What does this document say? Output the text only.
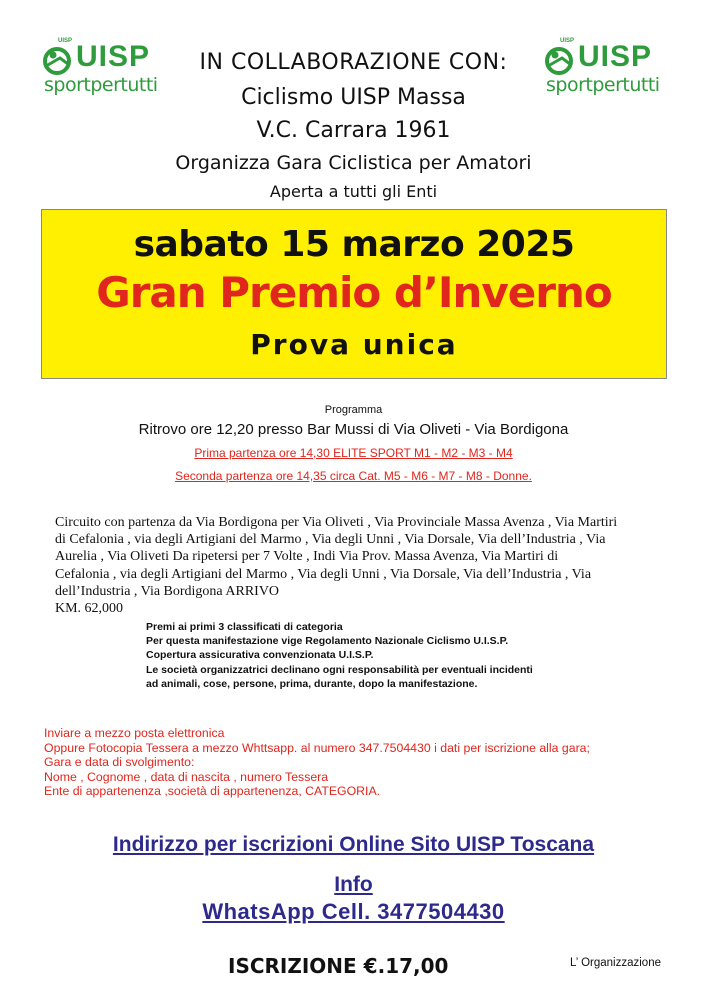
UISP UISP
sportpertutti
UISP UISP
sportpertutti
IN COLLABORAZIONE CON:
Ciclismo UISP Massa
V.C. Carrara 1961
Organizza Gara Ciclistica per Amatori
Aperta a tutti gli Enti
sabato 15 marzo 2025
Gran Premio d’Inverno
Prova unica
Programma
Ritrovo ore 12,20 presso Bar Mussi di Via Oliveti - Via Bordigona
Prima partenza ore 14,30 ELITE SPORT M1 - M2 - M3 - M4
Seconda partenza ore 14,35 circa Cat. M5 - M6 - M7 - M8 - Donne.
Circuito con partenza da Via Bordigona per Via Oliveti , Via Provinciale Massa Avenza , Via Martiri
di Cefalonia , via degli Artigiani del Marmo , Via degli Unni , Via Dorsale, Via dell’Industria , Via
Aurelia , Via Oliveti Da ripetersi per 7 Volte , Indi Via Prov. Massa Avenza, Via Martiri di
Cefalonia , via degli Artigiani del Marmo , Via degli Unni , Via Dorsale, Via dell’Industria , Via
dell’Industria , Via Bordigona ARRIVO
KM. 62,000
Premi ai primi 3 classificati di categoria
Per questa manifestazione vige Regolamento Nazionale Ciclismo U.I.S.P.
Copertura assicurativa convenzionata U.I.S.P.
Le società organizzatrici declinano ogni responsabilità per eventuali incidenti
ad animali, cose, persone, prima, durante, dopo la manifestazione.
Inviare a mezzo posta elettronica
Oppure Fotocopia Tessera a mezzo Whttsapp. al numero 347.7504430 i dati per iscrizione alla gara;
Gara e data di svolgimento:
Nome , Cognome , data di nascita , numero Tessera
Ente di appartenenza ,società di appartenenza, CATEGORIA.
Indirizzo per iscrizioni Online Sito UISP Toscana
Info
WhatsApp Cell. 3477504430
ISCRIZIONE €.17,00	L’ Organizzazione
